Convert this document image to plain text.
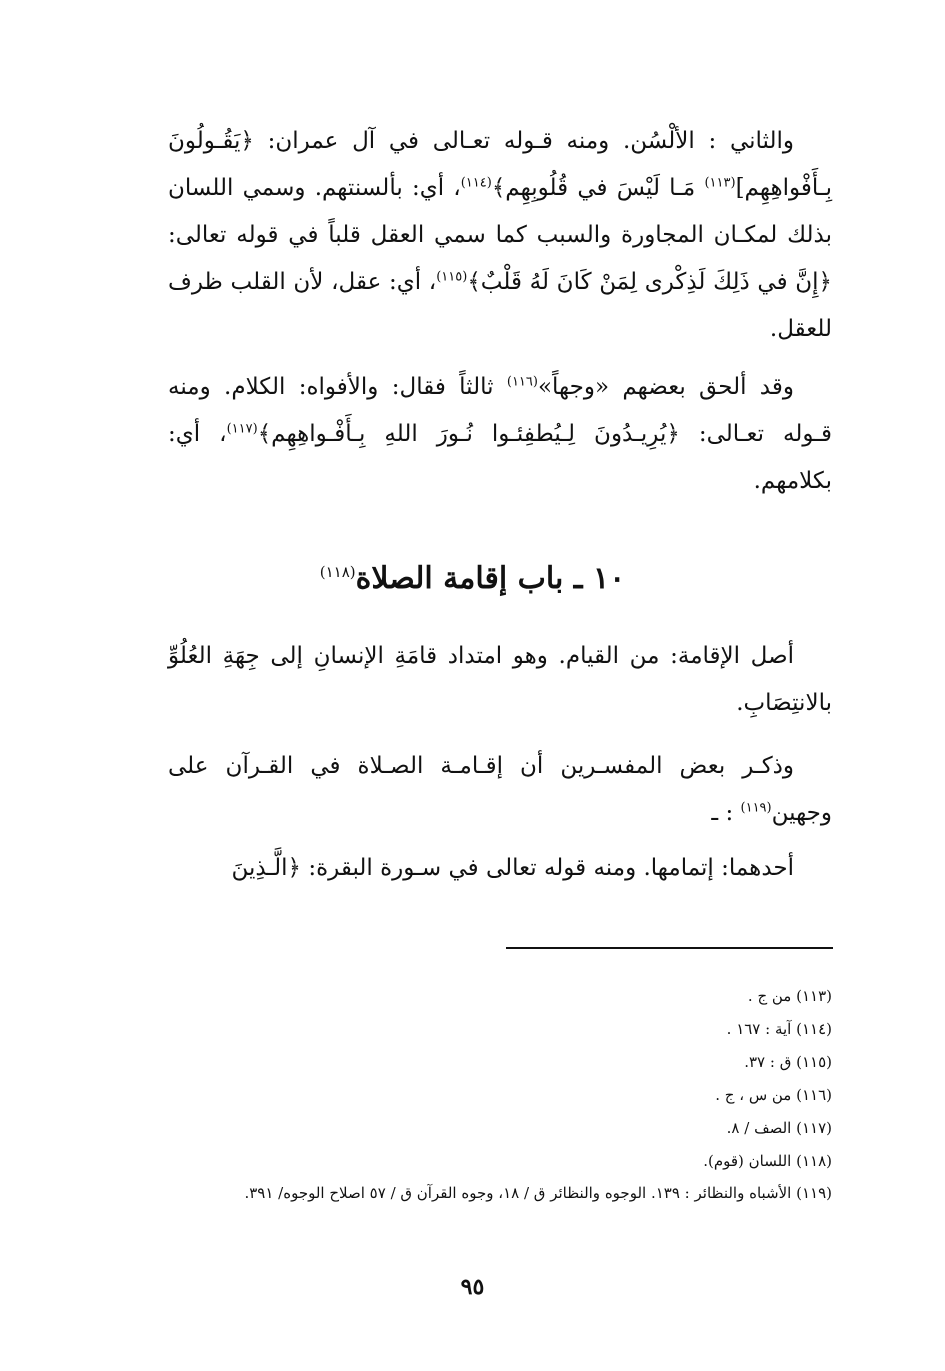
والثاني : الألْسُن. ومنه قـوله تعـالى في آل عمران: ﴿يَقُـولُونَ بِـأَفْواهِهِم]$^{(١١٣)}$ مَـا لَيْسَ في قُلُوبِهِم﴾$^{(١١٤)}$، أي: بألسنتهم. وسمي اللسان بذلك لمكـان المجاورة والسبب كما سمي العقل قلباً في قوله تعالى: ﴿إِنَّ في ذَلِكَ لَذِكْرى لِمَنْ كَانَ لَهُ قَلْبٌ﴾$^{(١١٥)}$، أي: عقل، لأن القلب ظرف للعقل.

وقد ألحق بعضهم «وجهاً»$^{(١١٦)}$ ثالثاً فقال: والأفواه: الكلام. ومنه قـوله تعـالى: ﴿يُرِيـدُونَ لِـيُطفِئـوا نُـورَ اللهِ بِـأَفْـواهِهِم﴾$^{(١١٧)}$، أي: بكلامهم.

١٠ ـ باب إقامة الصلاة$^{(١١٨)}$

أصل الإقامة: من القيام. وهو امتداد قامَةِ الإنسانِ إلى جِهَةِ العُلُوِّ بالانتِصَابِ.

وذكـر بعض المفسـرين أن إقـامـة الصـلاة في القـرآن على وجهين$^{(١١٩)}$ : ـ

أحدهما: إتمامها. ومنه قوله تعالى في سـورة البقرة: ﴿الَّـذِينَ

(١١٣) من ج .

(١١٤) آية : ١٦٧ .

(١١٥) ق : ٣٧.

(١١٦) من س ، ج .

(١١٧) الصف / ٨.

(١١٨) اللسان (قوم).

(١١٩) الأشباه والنظائر : ١٣٩. الوجوه والنظائر ق / ١٨، وجوه القرآن ق / ٥٧ اصلاح الوجوه/ ٣٩١.

٩٥
